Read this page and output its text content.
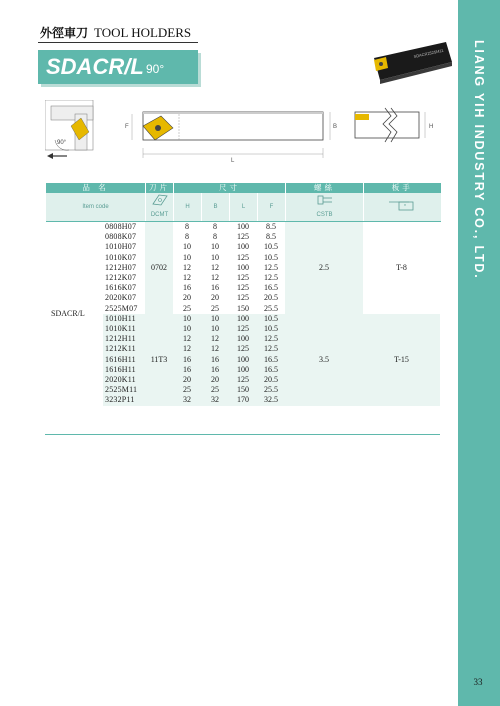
LIANG YIH INDUSTRY CO., LTD.
33
外徑車刀 TOOL HOLDERS
SDACR/L 90°
SDACR2525M11
90°
F	B
L
H
品 名	刀片	尺寸				螺絲	板手
Item code	DCMT	H	B	L	F	CSTB	*

SDACR/L	0808H07	0702	8	8	100	8.5	2.5	T-8
	0808K07		8	8	125	8.5		
	1010H07		10	10	100	10.5		
	1010K07		10	10	125	10.5		
	1212H07		12	12	100	12.5		
	1212K07		12	12	125	12.5		
	1616K07		16	16	125	16.5		
	2020K07		20	20	125	20.5		
	2525M07		25	25	150	25.5		
	1010H11	11T3	10	10	100	10.5	3.5	T-15
	1010K11		10	10	125	10.5		
	1212H11		12	12	100	12.5		
	1212K11		12	12	125	12.5		
	1616H11		16	16	100	16.5		
	1616H11		16	16	100	16.5		
	2020K11		20	20	125	20.5		
	2525M11		25	25	150	25.5		
	3232P11		32	32	170	32.5		
